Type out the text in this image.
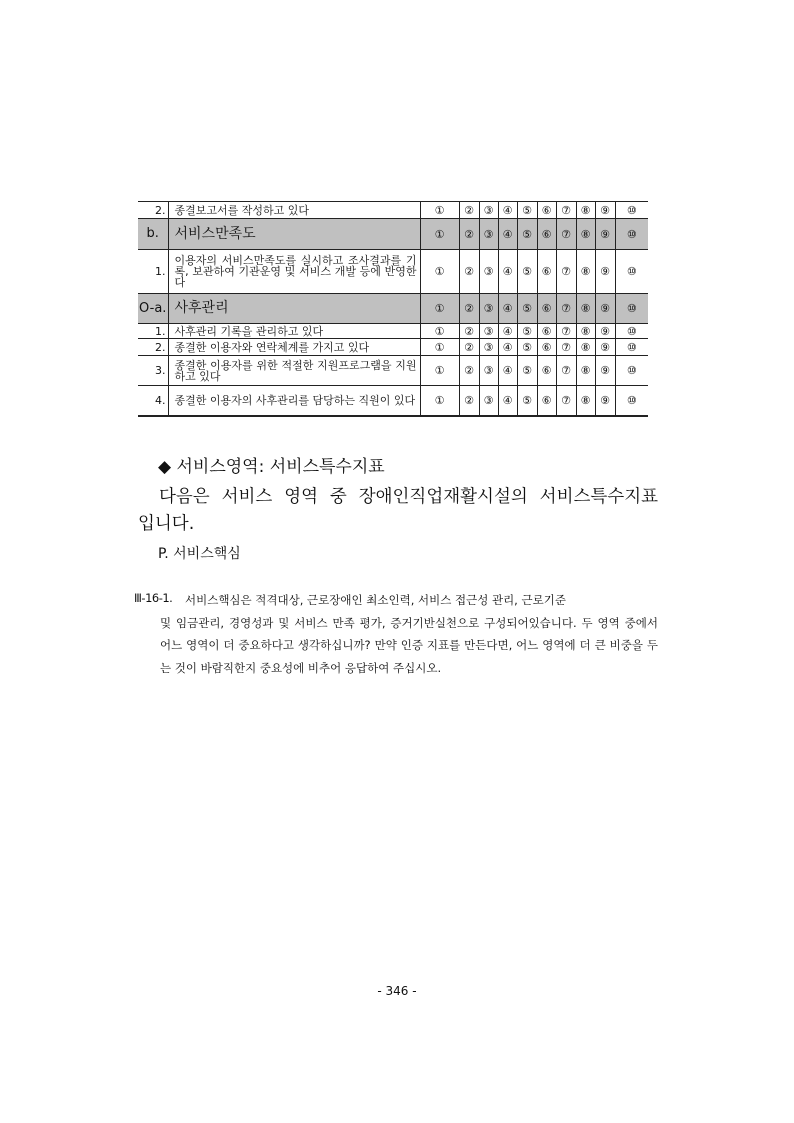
2.	종결보고서를 작성하고 있다	①	②	③	④	⑤	⑥	⑦	⑧	⑨	⑩
b.	서비스만족도	①	②	③	④	⑤	⑥	⑦	⑧	⑨	⑩
1.	이용자의 서비스만족도를 실시하고 조사결과를 기록, 보관하여 기관운영 및 서비스 개발 등에 반영한다	①	②	③	④	⑤	⑥	⑦	⑧	⑨	⑩
O-a.	사후관리	①	②	③	④	⑤	⑥	⑦	⑧	⑨	⑩
1.	사후관리 기록을 관리하고 있다	①	②	③	④	⑤	⑥	⑦	⑧	⑨	⑩
2.	종결한 이용자와 연락체계를 가지고 있다	①	②	③	④	⑤	⑥	⑦	⑧	⑨	⑩
3.	종결한 이용자를 위한 적절한 지원프로그램을 지원하고 있다	①	②	③	④	⑤	⑥	⑦	⑧	⑨	⑩
4.	종결한 이용자의 사후관리를 담당하는 직원이 있다	①	②	③	④	⑤	⑥	⑦	⑧	⑨	⑩
◆ 서비스영역: 서비스특수지표
다음은 서비스 영역 중 장애인직업재활시설의 서비스특수지표입니다.
P. 서비스핵심
Ⅲ-16-1.	서비스핵심은 적격대상, 근로장애인 최소인력, 서비스 접근성 관리, 근로기준
및 임금관리, 경영성과 및 서비스 만족 평가, 증거기반실천으로 구성되어있습니다. 두 영역 중에서 어느 영역이 더 중요하다고 생각하십니까? 만약 인증 지표를 만든다면, 어느 영역에 더 큰 비중을 두는 것이 바람직한지 중요성에 비추어 응답하여 주십시오.
- 346 -
